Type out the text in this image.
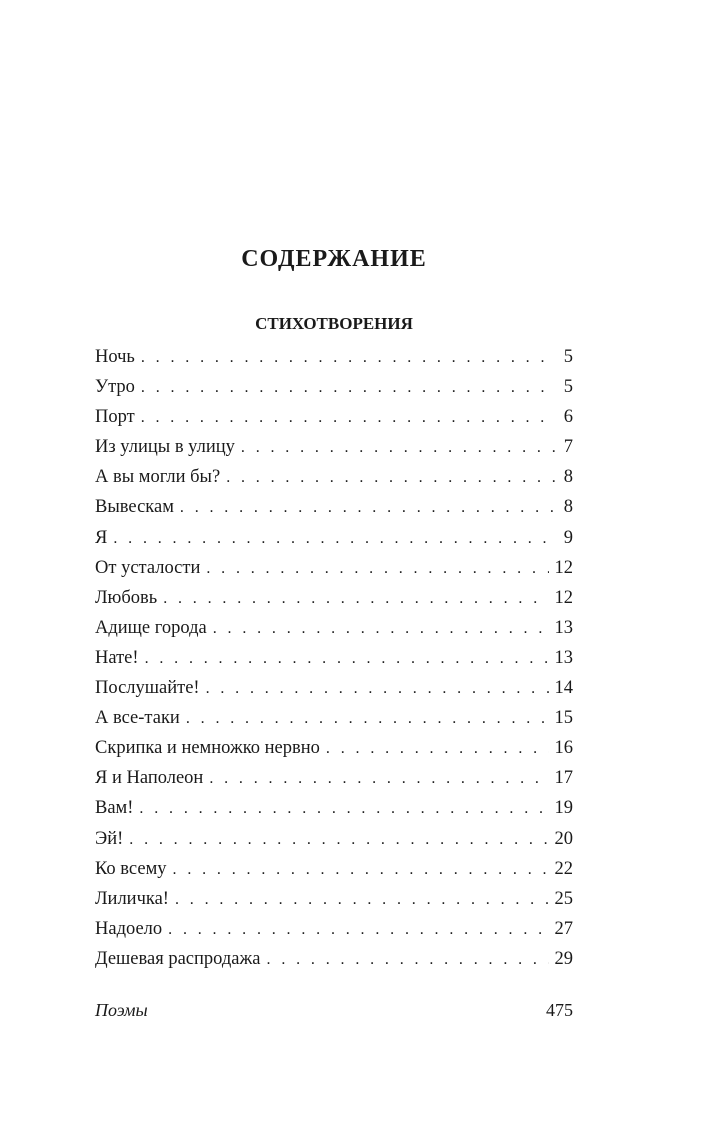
СОДЕРЖАНИЕ
СТИХОТВОРЕНИЯ
Ночь . . .	5
Утро . . .	5
Порт . . .	6
Из улицы в улицу . . .	7
А вы могли бы? . . .	8
Вывескам . . .	8
Я . . .	9
От усталости . . .	12
Любовь . . .	12
Адище города . . .	13
Нате! . . .	13
Послушайте! . . .	14
А все-таки . . .	15
Скрипка и немножко нервно . . .	16
Я и Наполеон . . .	17
Вам! . . .	19
Эй! . . .	20
Ко всему . . .	22
Лиличка! . . .	25
Надоело . . .	27
Дешевая распродажа . . .	29
Поэмы	475
